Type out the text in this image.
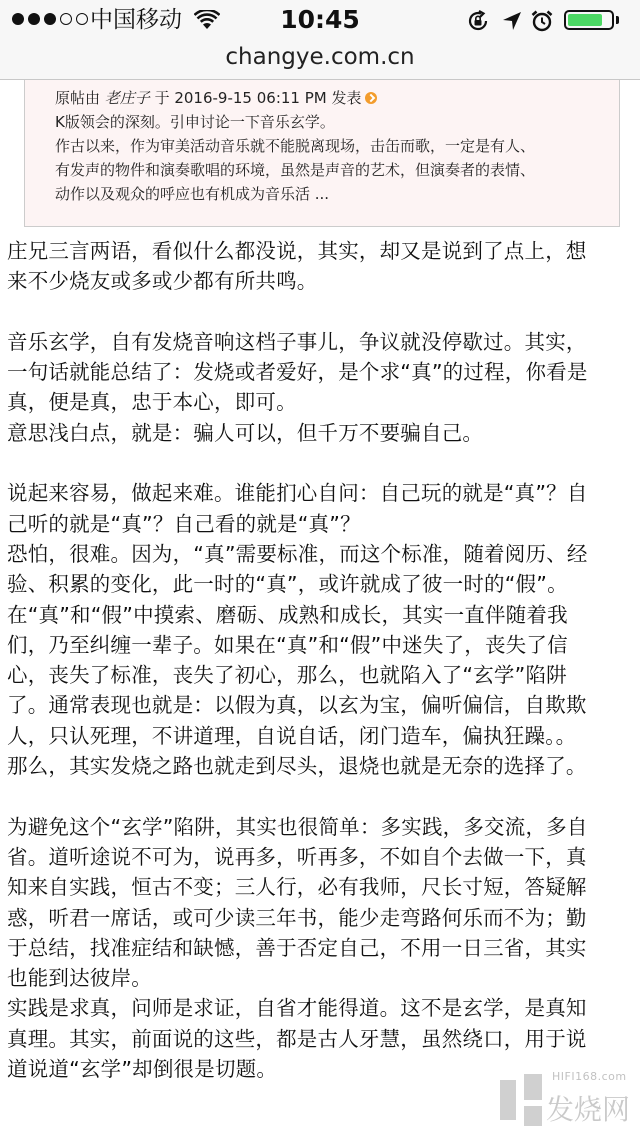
中国移动	10:45
changye.com.cn
原帖由 老庄子 于 2016-9-15 06:11 PM 发表
K版领会的深刻。引申讨论一下音乐玄学。
作古以来，作为审美活动音乐就不能脱离现场，击缶而歌，一定是有人、
有发声的物件和演奏歌唱的环境，虽然是声音的艺术，但演奏者的表情、
动作以及观众的呼应也有机成为音乐活 ...

庄兄三言两语，看似什么都没说，其实，却又是说到了点上，想
来不少烧友或多或少都有所共鸣。

音乐玄学，自有发烧音响这档子事儿，争议就没停歇过。其实，
一句话就能总结了：发烧或者爱好，是个求“真”的过程，你看是
真，便是真，忠于本心，即可。

意思浅白点，就是：骗人可以，但千万不要骗自己。

说起来容易，做起来难。谁能扪心自问：自己玩的就是“真”？自
己听的就是“真”？自己看的就是“真”？

恐怕，很难。因为，“真”需要标准，而这个标准，随着阅历、经
验、积累的变化，此一时的“真”，或许就成了彼一时的“假”。

在“真”和“假”中摸索、磨砺、成熟和成长，其实一直伴随着我
们，乃至纠缠一辈子。如果在“真”和“假”中迷失了，丧失了信
心，丧失了标准，丧失了初心，那么，也就陷入了“玄学”陷阱
了。通常表现也就是：以假为真，以玄为宝，偏听偏信，自欺欺
人，只认死理，不讲道理，自说自话，闭门造车，偏执狂躁。。
那么，其实发烧之路也就走到尽头，退烧也就是无奈的选择了。

为避免这个“玄学”陷阱，其实也很简单：多实践，多交流，多自
省。道听途说不可为，说再多，听再多，不如自个去做一下，真
知来自实践，恒古不变；三人行，必有我师，尺长寸短，答疑解
惑，听君一席话，或可少读三年书，能少走弯路何乐而不为；勤
于总结，找准症结和缺憾，善于否定自己，不用一日三省，其实
也能到达彼岸。

实践是求真，问师是求证，自省才能得道。这不是玄学，是真知
真理。其实，前面说的这些，都是古人牙慧，虽然绕口，用于说
道说道“玄学”却倒很是切题。	HIFI168.com
发烧网
